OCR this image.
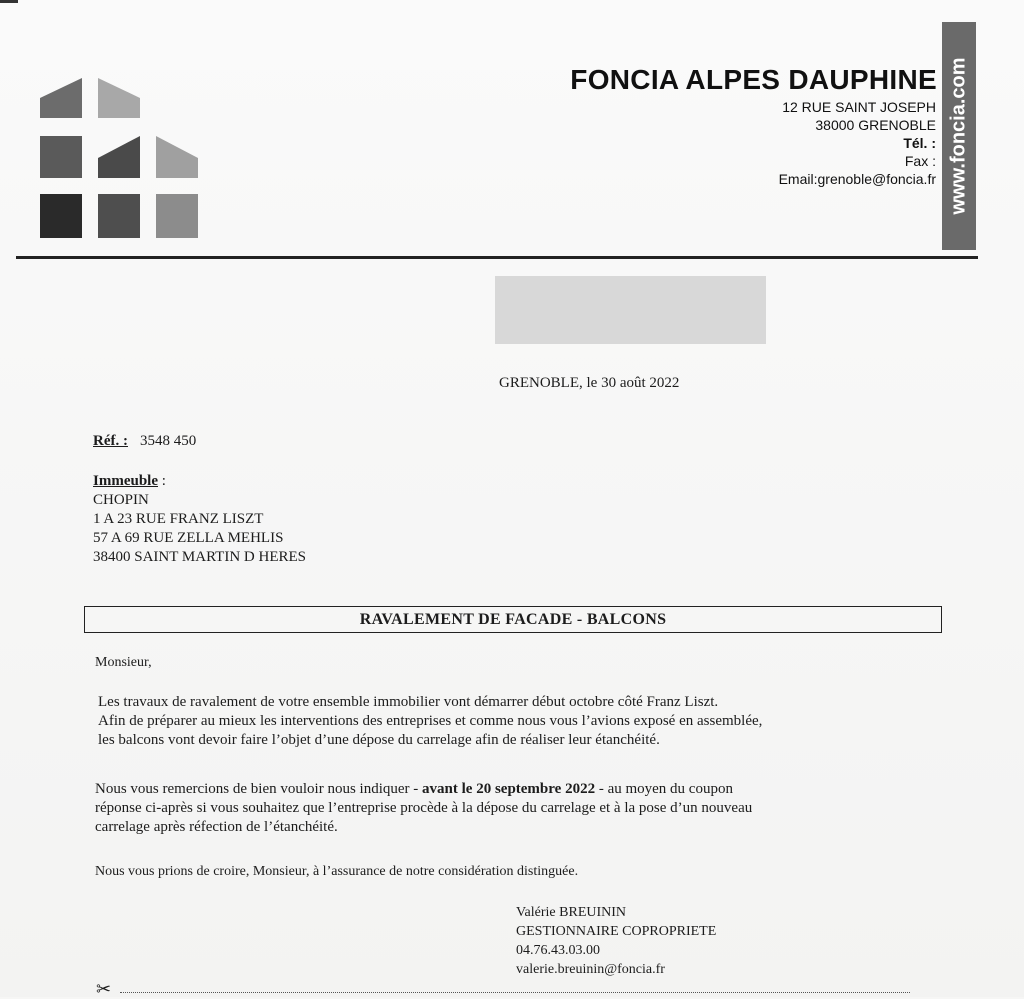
FONCIA ALPES DAUPHINE
12 RUE SAINT JOSEPH
38000 GRENOBLE
Tél. :
Fax :
Email:grenoble@foncia.fr www.foncia.com
GRENOBLE, le 30 août 2022
Réf. : 3548 450
Immeuble :
CHOPIN
1 A 23 RUE FRANZ LISZT
57 A 69 RUE ZELLA MEHLIS
38400 SAINT MARTIN D HERES
RAVALEMENT DE FACADE - BALCONS
Monsieur,
Les travaux de ravalement de votre ensemble immobilier vont démarrer début octobre côté Franz Liszt.
Afin de préparer au mieux les interventions des entreprises et comme nous vous l’avions exposé en assemblée,
les balcons vont devoir faire l’objet d’une dépose du carrelage afin de réaliser leur étanchéité.
Nous vous remercions de bien vouloir nous indiquer - avant le 20 septembre 2022 - au moyen du coupon
réponse ci-après si vous souhaitez que l’entreprise procède à la dépose du carrelage et à la pose d’un nouveau
carrelage après réfection de l’étanchéité.
Nous vous prions de croire, Monsieur, à l’assurance de notre considération distinguée.
Valérie BREUININ
GESTIONNAIRE COPROPRIETE
04.76.43.03.00
valerie.breuinin@foncia.fr
✂
